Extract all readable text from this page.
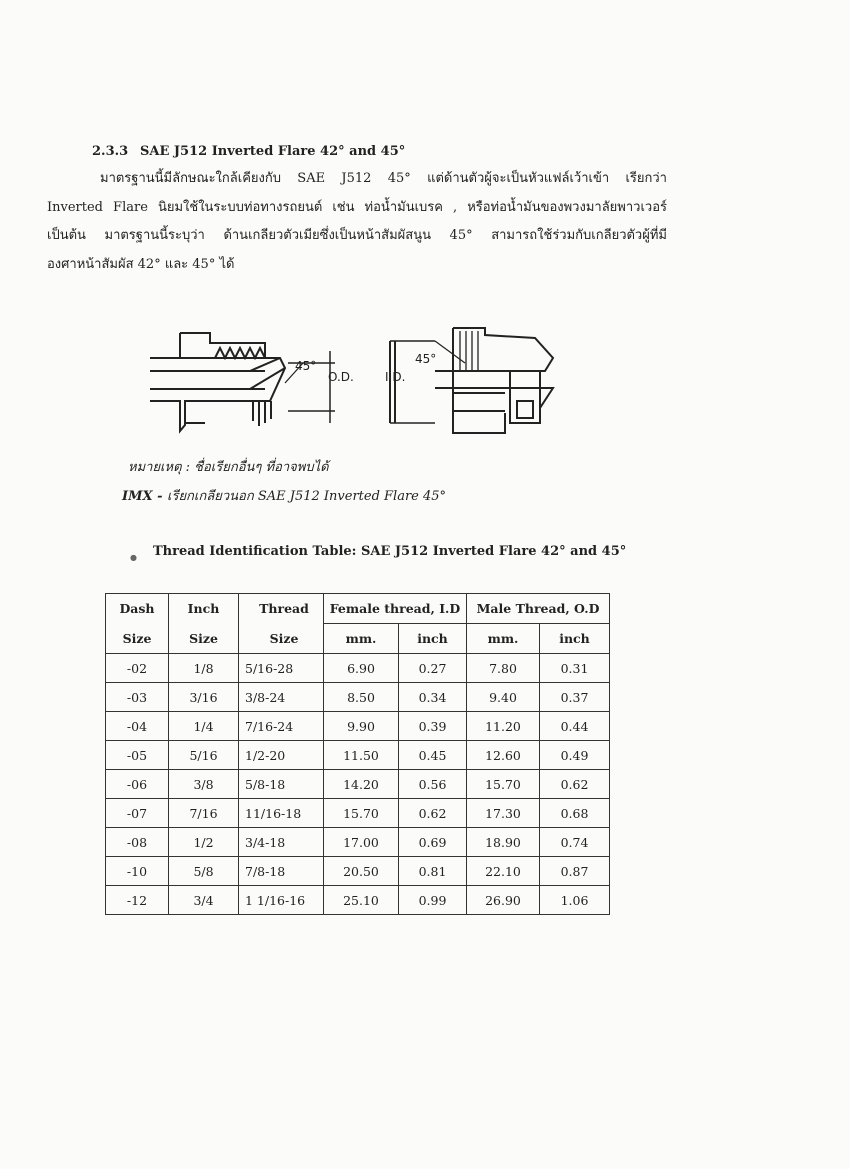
2.3.3 SAE J512 Inverted Flare 42° and 45°
มาตรฐานนี้มีลักษณะใกล้เคียงกับ SAE J512 45° แต่ด้านตัวผู้จะเป็นหัวแฟล์เว้าเข้า เรียกว่า
Inverted Flare นิยมใช้ในระบบท่อทางรถยนต์ เช่น ท่อน้ำมันเบรค , หรือท่อน้ำมันของพวงมาลัยพาวเวอร์
เป็นต้น มาตรฐานนี้ระบุว่า ด้านเกลียวตัวเมียซึ่งเป็นหน้าสัมผัสนูน 45° สามารถใช้ร่วมกับเกลียวตัวผู้ที่มี
องศาหน้าสัมผัส 42° และ 45° ได้
45°
O.D.
45°
I.D.
หมายเหตุ : ชื่อเรียกอื่นๆ ที่อาจพบได้
IMX - เรียกเกลียวนอก SAE J512 Inverted Flare 45°
● Thread Identification Table: SAE J512 Inverted Flare 42° and 45°
Dash	Inch	Thread	Female thread, I.D		Male Thread, O.D	
Size	Size	Size	mm.	inch	mm.	inch
-02	1/8	5/16-28	6.90	0.27	7.80	0.31
-03	3/16	3/8-24	8.50	0.34	9.40	0.37
-04	1/4	7/16-24	9.90	0.39	11.20	0.44
-05	5/16	1/2-20	11.50	0.45	12.60	0.49
-06	3/8	5/8-18	14.20	0.56	15.70	0.62
-07	7/16	11/16-18	15.70	0.62	17.30	0.68
-08	1/2	3/4-18	17.00	0.69	18.90	0.74
-10	5/8	7/8-18	20.50	0.81	22.10	0.87
-12	3/4	1 1/16-16	25.10	0.99	26.90	1.06
